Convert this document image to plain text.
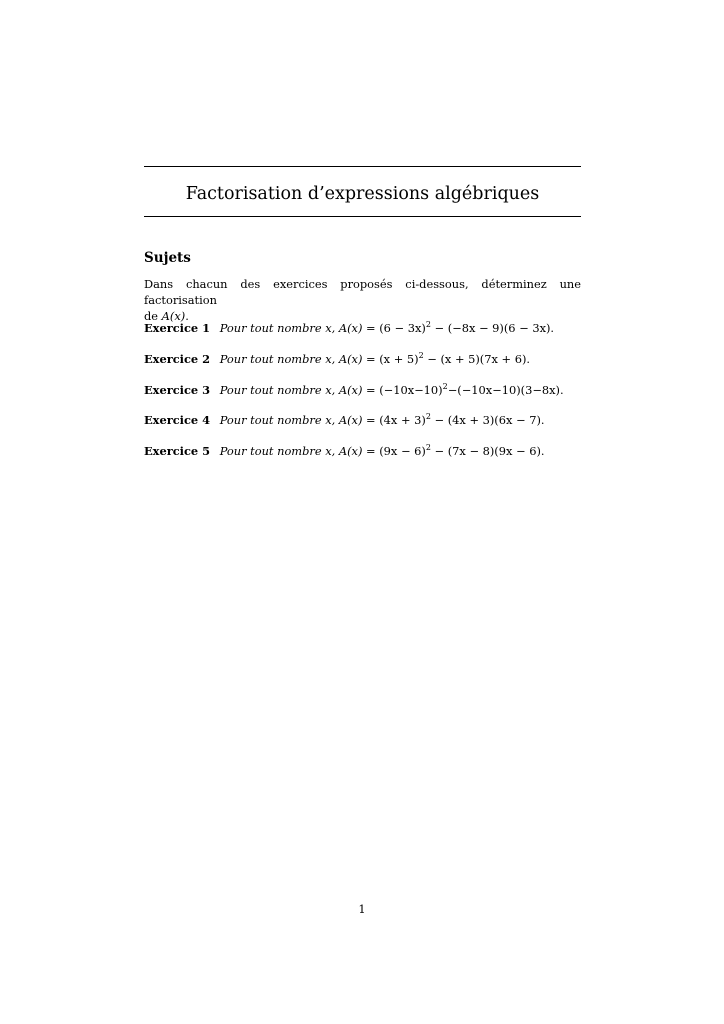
Factorisation d’expressions algébriques
Sujets
Dans chacun des exercices proposés ci-dessous, déterminez une factorisation
de A(x).
Exercice 1 Pour tout nombre x, $A(x) = (6 - 3x)^2 - (-8x - 9)(6 - 3x)$.
Exercice 2 Pour tout nombre x, $A(x) = (x + 5)^2 - (x + 5)(7x + 6)$.
Exercice 3 Pour tout nombre x, $A(x) = (-10x-10)^2-(-10x-10)(3-8x)$.
Exercice 4 Pour tout nombre x, $A(x) = (4x + 3)^2 - (4x + 3)(6x - 7)$.
Exercice 5 Pour tout nombre x, $A(x) = (9x - 6)^2 - (7x - 8)(9x - 6)$.
1
